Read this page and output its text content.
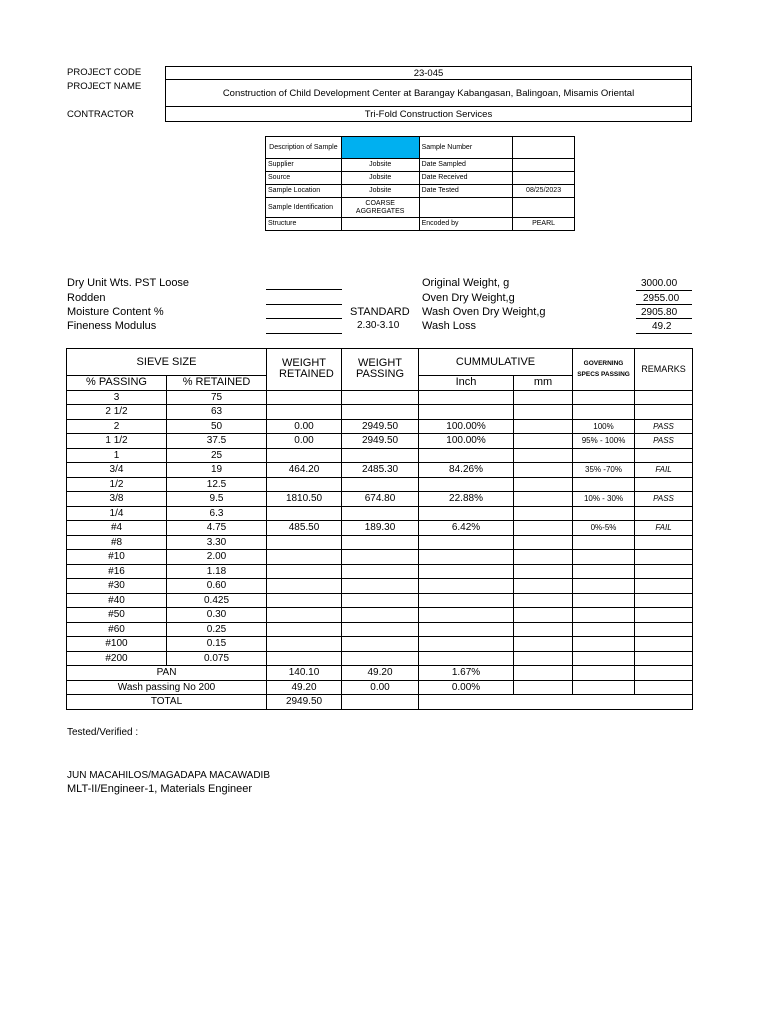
PROJECT CODE	23-045
PROJECT NAME
Construction of Child Development Center at Barangay Kabangasan, Balingoan, Misamis Oriental
CONTRACTOR	Tri-Fold Construction Services
Description of Sample		Sample Number	
Supplier	Jobsite	Date Sampled	
Source	Jobsite	Date Received	
Sample Location	Jobsite	Date Tested	08/25/2023
Sample Identification	COARSE AGGREGATES		
Structure		Encoded by	PEARL
Dry Unit Wts. PST Loose
Rodden
Moisture Content %
Fineness Modulus
STANDARD
2.30-3.10
Original Weight, g	3000.00
Oven Dry Weight,g	2955.00
Wash Oven Dry Weight,g	2905.80
Wash Loss	49.2
SIEVE SIZE		WEIGHT RETAINED	WEIGHT PASSING	CUMMULATIVE		GOVERNING SPECS PASSING	REMARKS
% PASSING	% RETAINED						
				Inch	mm		
3	75						
2 1/2	63						
2	50	0.00	2949.50	100.00%		100%	PASS
1 1/2	37.5	0.00	2949.50	100.00%		95% - 100%	PASS
1	25						
3/4	19	464.20	2485.30	84.26%		35% -70%	FAIL
1/2	12.5						
3/8	9.5	1810.50	674.80	22.88%		10% - 30%	PASS
1/4	6.3						
#4	4.75	485.50	189.30	6.42%		0%-5%	FAIL
#8	3.30						
#10	2.00						
#16	1.18						
#30	0.60						
#40	0.425						
#50	0.30						
#60	0.25						
#100	0.15						
#200	0.075						
PAN		140.10	49.20	1.67%			
Wash passing No 200		49.20	0.00	0.00%			
TOTAL		2949.50					
Tested/Verified :
JUN MACAHILOS/MAGADAPA MACAWADIB
MLT-II/Engineer-1, Materials Engineer
